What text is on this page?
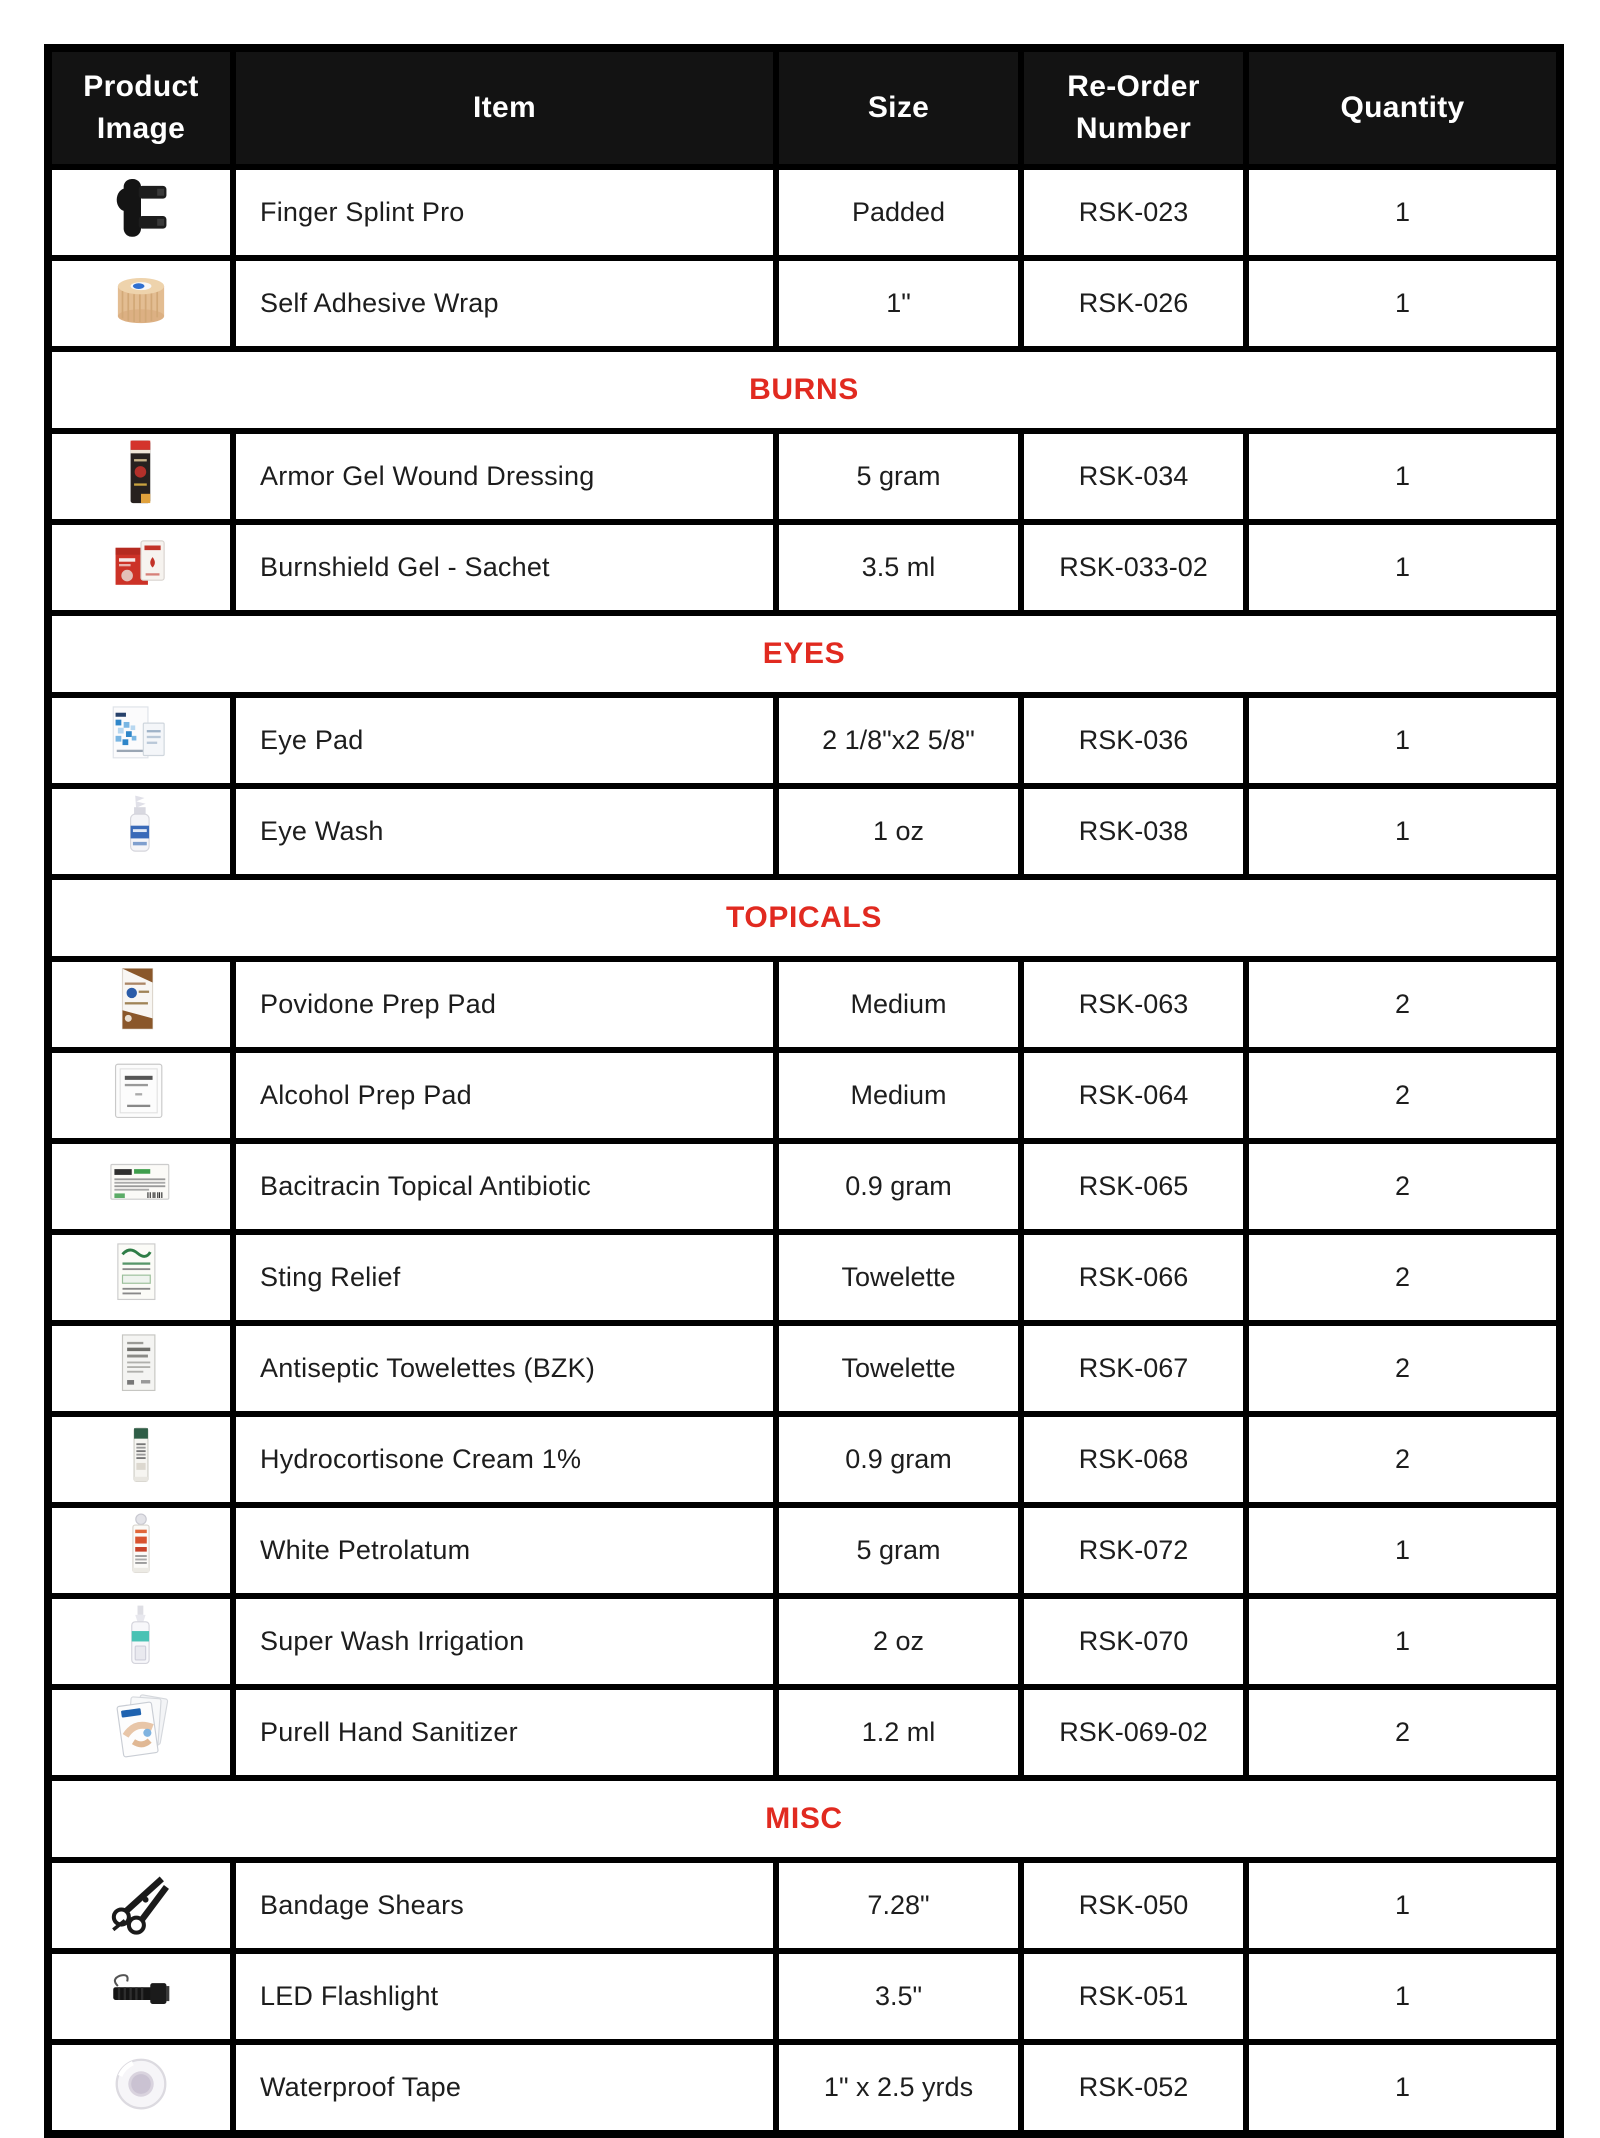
Product Image	Item	Size	Re-Order Number	Quantity
	Finger Splint Pro	Padded	RSK-023	1
	Self Adhesive Wrap	1"	RSK-026	1
BURNS				
	Armor Gel Wound Dressing	5 gram	RSK-034	1
	Burnshield Gel - Sachet	3.5 ml	RSK-033-02	1
EYES				
	Eye Pad	2 1/8"x2 5/8"	RSK-036	1
	Eye Wash	1 oz	RSK-038	1
TOPICALS				
	Povidone Prep Pad	Medium	RSK-063	2
	Alcohol Prep Pad	Medium	RSK-064	2
	Bacitracin Topical Antibiotic	0.9 gram	RSK-065	2
	Sting Relief	Towelette	RSK-066	2
	Antiseptic Towelettes (BZK)	Towelette	RSK-067	2
	Hydrocortisone Cream 1%	0.9 gram	RSK-068	2
	White Petrolatum	5 gram	RSK-072	1
	Super Wash Irrigation	2 oz	RSK-070	1
	Purell Hand Sanitizer	1.2 ml	RSK-069-02	2
MISC				
	Bandage Shears	7.28"	RSK-050	1
	LED Flashlight	3.5"	RSK-051	1
	Waterproof Tape	1" x 2.5 yrds	RSK-052	1
